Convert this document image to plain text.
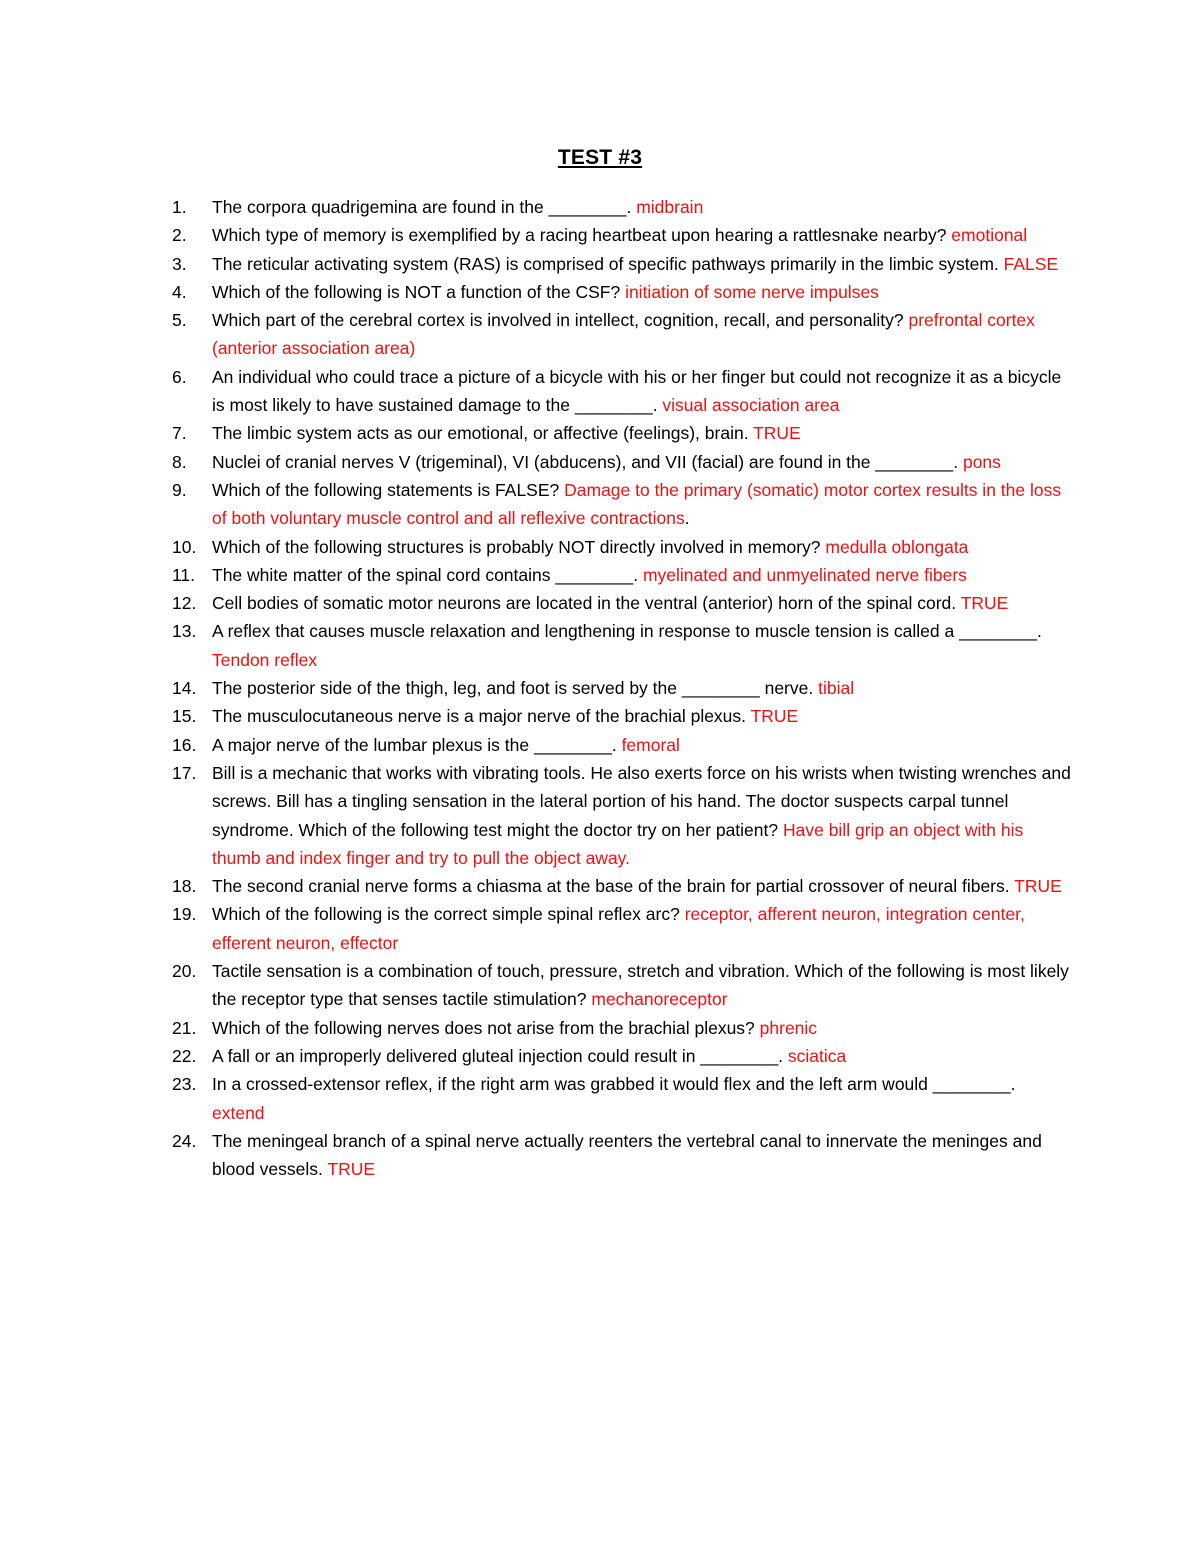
TEST #3
1.	The corpora quadrigemina are found in the ________. midbrain
2.	Which type of memory is exemplified by a racing heartbeat upon hearing a rattlesnake nearby? emotional
3.	The reticular activating system (RAS) is comprised of specific pathways primarily in the limbic system. FALSE
4.	Which of the following is NOT a function of the CSF? initiation of some nerve impulses
5.	Which part of the cerebral cortex is involved in intellect, cognition, recall, and personality? prefrontal cortex (anterior association area)
6.	An individual who could trace a picture of a bicycle with his or her finger but could not recognize it as a bicycle is most likely to have sustained damage to the ________. visual association area
7.	The limbic system acts as our emotional, or affective (feelings), brain. TRUE
8.	Nuclei of cranial nerves V (trigeminal), VI (abducens), and VII (facial) are found in the ________. pons
9.	Which of the following statements is FALSE? Damage to the primary (somatic) motor cortex results in the loss of both voluntary muscle control and all reflexive contractions.
10. Which of the following structures is probably NOT directly involved in memory? medulla oblongata
11. The white matter of the spinal cord contains ________. myelinated and unmyelinated nerve fibers
12. Cell bodies of somatic motor neurons are located in the ventral (anterior) horn of the spinal cord. TRUE
13. A reflex that causes muscle relaxation and lengthening in response to muscle tension is called a ________. Tendon reflex
14. The posterior side of the thigh, leg, and foot is served by the ________ nerve. tibial
15. The musculocutaneous nerve is a major nerve of the brachial plexus. TRUE
16. A major nerve of the lumbar plexus is the ________. femoral
17. Bill is a mechanic that works with vibrating tools. He also exerts force on his wrists when twisting wrenches and screws. Bill has a tingling sensation in the lateral portion of his hand. The doctor suspects carpal tunnel syndrome. Which of the following test might the doctor try on her patient? Have bill grip an object with his thumb and index finger and try to pull the object away.
18. The second cranial nerve forms a chiasma at the base of the brain for partial crossover of neural fibers. TRUE
19. Which of the following is the correct simple spinal reflex arc? receptor, afferent neuron, integration center, efferent neuron, effector
20. Tactile sensation is a combination of touch, pressure, stretch and vibration. Which of the following is most likely the receptor type that senses tactile stimulation? mechanoreceptor
21. Which of the following nerves does not arise from the brachial plexus? phrenic
22. A fall or an improperly delivered gluteal injection could result in ________. sciatica
23. In a crossed-extensor reflex, if the right arm was grabbed it would flex and the left arm would ________. extend
24. The meningeal branch of a spinal nerve actually reenters the vertebral canal to innervate the meninges and blood vessels. TRUE
